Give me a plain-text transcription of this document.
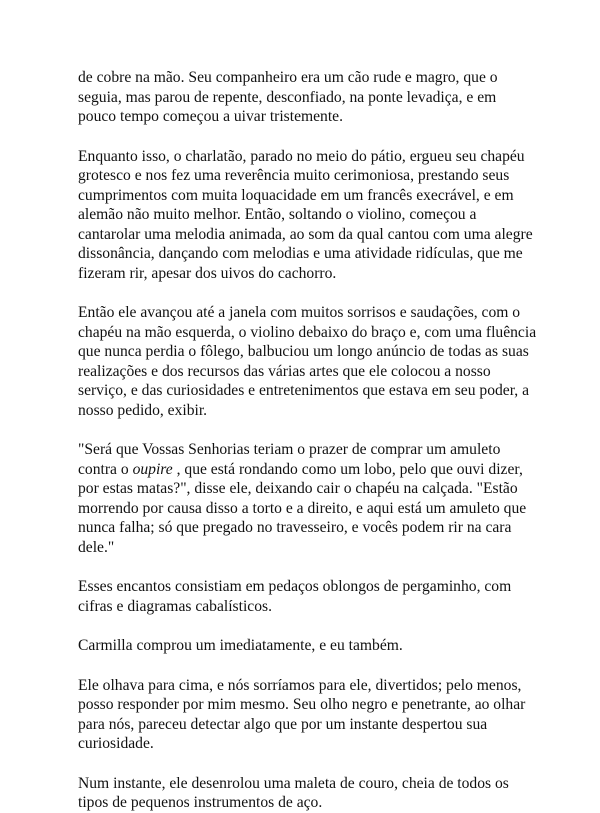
de cobre na mão. Seu companheiro era um cão rude e magro, que o seguia, mas parou de repente, desconfiado, na ponte levadiça, e em pouco tempo começou a uivar tristemente.

Enquanto isso, o charlatão, parado no meio do pátio, ergueu seu chapéu grotesco e nos fez uma reverência muito cerimoniosa, prestando seus cumprimentos com muita loquacidade em um francês execrável, e em alemão não muito melhor. Então, soltando o violino, começou a cantarolar uma melodia animada, ao som da qual cantou com uma alegre dissonância, dançando com melodias e uma atividade ridículas, que me fizeram rir, apesar dos uivos do cachorro.

Então ele avançou até a janela com muitos sorrisos e saudações, com o chapéu na mão esquerda, o violino debaixo do braço e, com uma fluência que nunca perdia o fôlego, balbuciou um longo anúncio de todas as suas realizações e dos recursos das várias artes que ele colocou a nosso serviço, e das curiosidades e entretenimentos que estava em seu poder, a nosso pedido, exibir.

"Será que Vossas Senhorias teriam o prazer de comprar um amuleto contra o oupire , que está rondando como um lobo, pelo que ouvi dizer, por estas matas?", disse ele, deixando cair o chapéu na calçada. "Estão morrendo por causa disso a torto e a direito, e aqui está um amuleto que nunca falha; só que pregado no travesseiro, e vocês podem rir na cara dele."

Esses encantos consistiam em pedaços oblongos de pergaminho, com cifras e diagramas cabalísticos.

Carmilla comprou um imediatamente, e eu também.

Ele olhava para cima, e nós sorríamos para ele, divertidos; pelo menos, posso responder por mim mesmo. Seu olho negro e penetrante, ao olhar para nós, pareceu detectar algo que por um instante despertou sua curiosidade.

Num instante, ele desenrolou uma maleta de couro, cheia de todos os tipos de pequenos instrumentos de aço.
